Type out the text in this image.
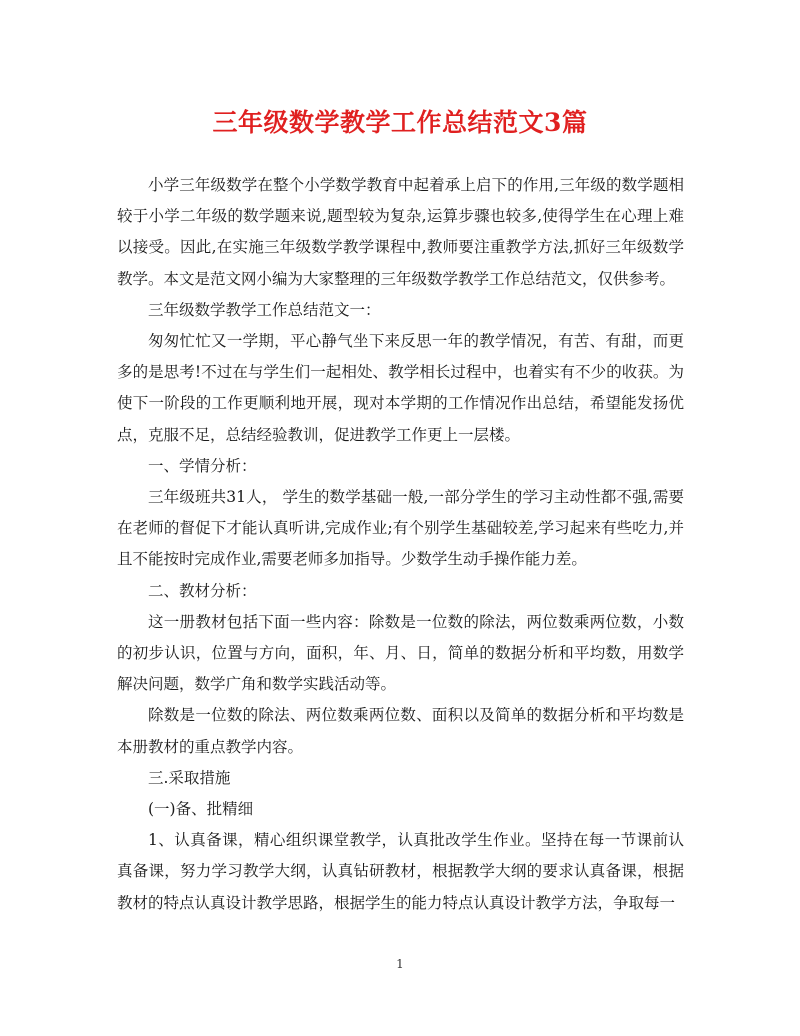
三年级数学教学工作总结范文3篇

小学三年级数学在整个小学数学教育中起着承上启下的作用,三年级的数学题相较于小学二年级的数学题来说,题型较为复杂,运算步骤也较多,使得学生在心理上难以接受。因此,在实施三年级数学教学课程中,教师要注重教学方法,抓好三年级数学教学。本文是范文网小编为大家整理的三年级数学教学工作总结范文，仅供参考。

三年级数学教学工作总结范文一：

匆匆忙忙又一学期，平心静气坐下来反思一年的教学情况，有苦、有甜，而更多的是思考!不过在与学生们一起相处、教学相长过程中，也着实有不少的收获。为使下一阶段的工作更顺利地开展，现对本学期的工作情况作出总结，希望能发扬优点，克服不足，总结经验教训，促进教学工作更上一层楼。

一、学情分析：

三年级班共31人， 学生的数学基础一般,一部分学生的学习主动性都不强,需要在老师的督促下才能认真听讲,完成作业;有个别学生基础较差,学习起来有些吃力,并且不能按时完成作业,需要老师多加指导。少数学生动手操作能力差。

二、教材分析：

这一册教材包括下面一些内容：除数是一位数的除法，两位数乘两位数，小数的初步认识，位置与方向，面积，年、月、日，简单的数据分析和平均数，用数学解决问题，数学广角和数学实践活动等。

除数是一位数的除法、两位数乘两位数、面积以及简单的数据分析和平均数是本册教材的重点教学内容。

三.采取措施

(一)备、批精细

1、认真备课，精心组织课堂教学，认真批改学生作业。坚持在每一节课前认真备课，努力学习教学大纲，认真钻研教材，根据教学大纲的要求认真备课，根据教材的特点认真设计教学思路，根据学生的能力特点认真设计教学方法，争取每一

1
